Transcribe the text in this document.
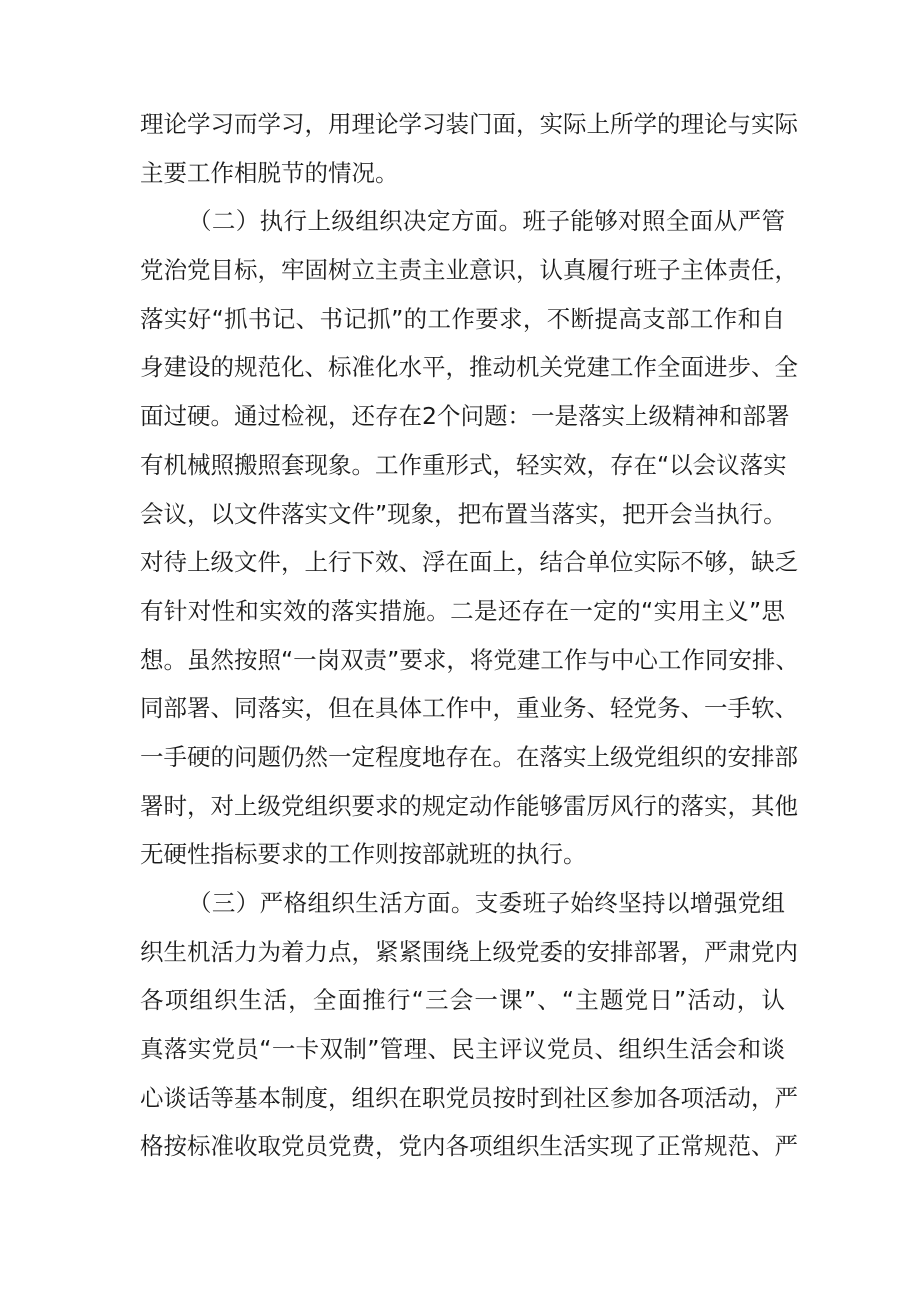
理论学习而学习，用理论学习装门面，实际上所学的理论与实际
主要工作相脱节的情况。
（二）执行上级组织决定方面。班子能够对照全面从严管
党治党目标，牢固树立主责主业意识，认真履行班子主体责任，
落实好“抓书记、书记抓”的工作要求，不断提高支部工作和自
身建设的规范化、标准化水平，推动机关党建工作全面进步、全
面过硬。通过检视，还存在2个问题：一是落实上级精神和部署
有机械照搬照套现象。工作重形式，轻实效，存在“以会议落实
会议，以文件落实文件”现象，把布置当落实，把开会当执行。
对待上级文件，上行下效、浮在面上，结合单位实际不够，缺乏
有针对性和实效的落实措施。二是还存在一定的“实用主义”思
想。虽然按照“一岗双责”要求，将党建工作与中心工作同安排、
同部署、同落实，但在具体工作中，重业务、轻党务、一手软、
一手硬的问题仍然一定程度地存在。在落实上级党组织的安排部
署时，对上级党组织要求的规定动作能够雷厉风行的落实，其他
无硬性指标要求的工作则按部就班的执行。
（三）严格组织生活方面。支委班子始终坚持以增强党组
织生机活力为着力点，紧紧围绕上级党委的安排部署，严肃党内
各项组织生活，全面推行“三会一课”、“主题党日”活动，认
真落实党员“一卡双制”管理、民主评议党员、组织生活会和谈
心谈话等基本制度，组织在职党员按时到社区参加各项活动，严
格按标准收取党员党费，党内各项组织生活实现了正常规范、严
